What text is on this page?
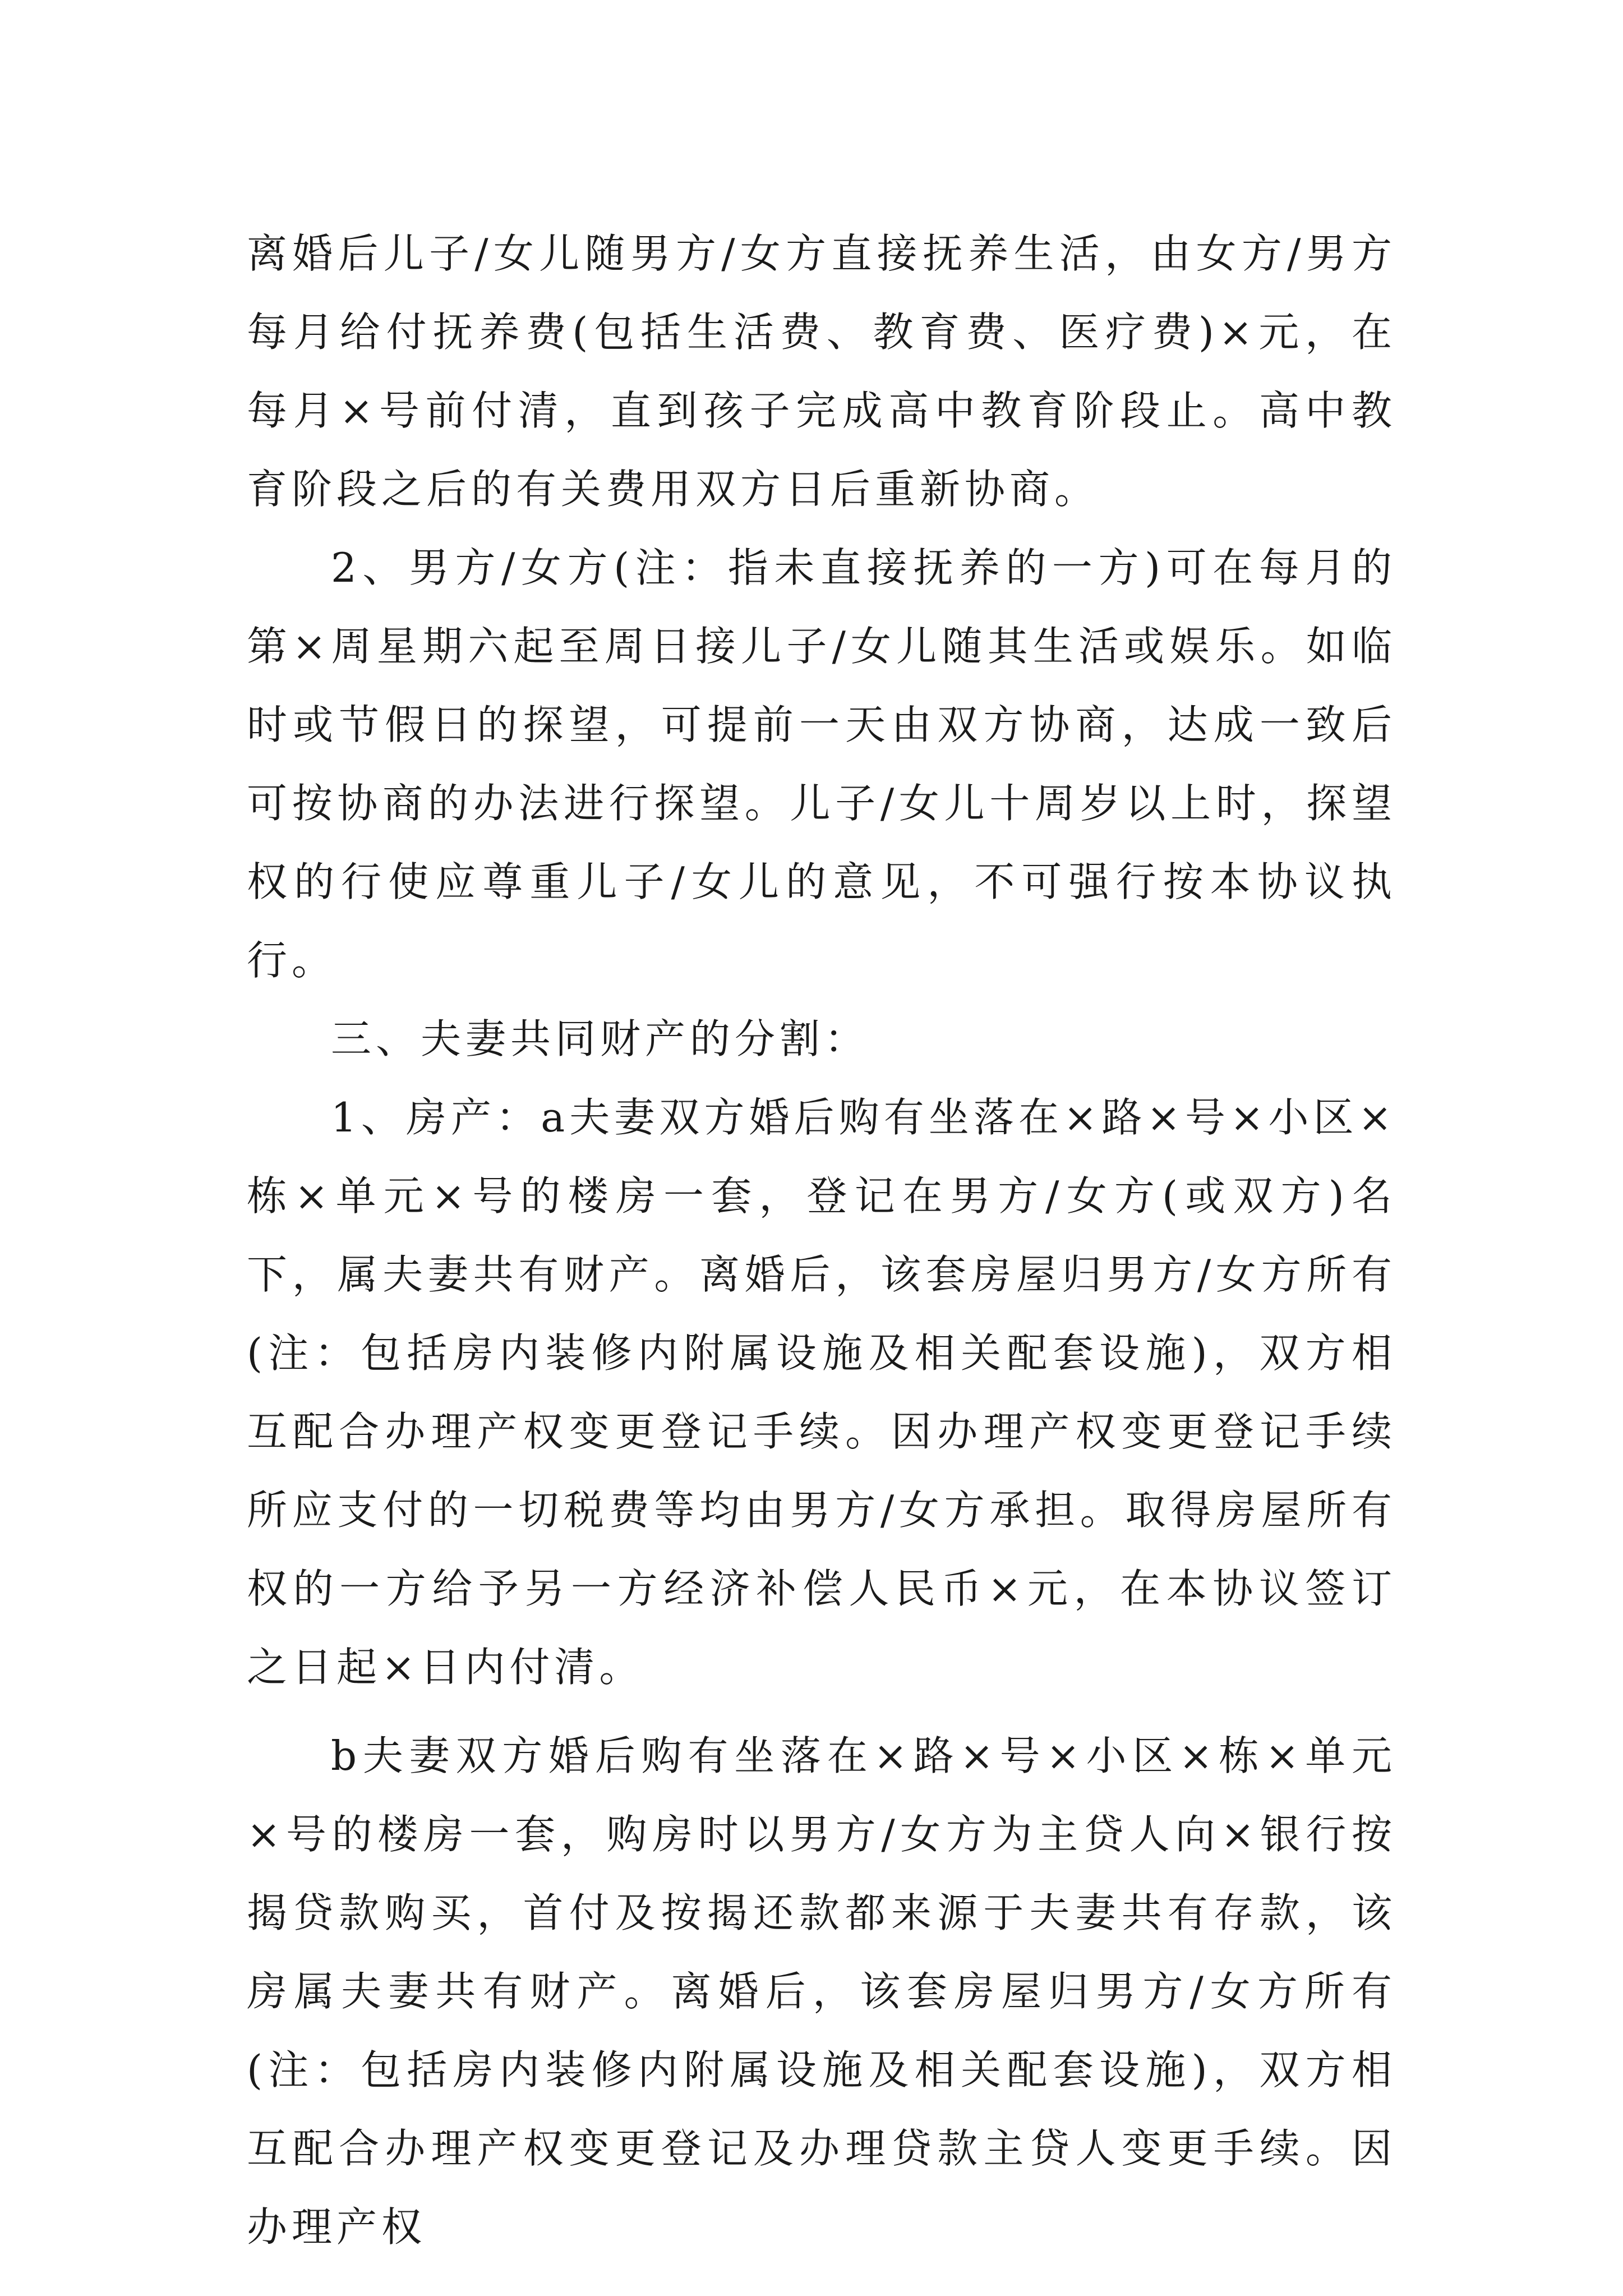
离婚后儿子/女儿随男方/女方直接抚养生活，由女方/男方每月给付抚养费(包括生活费、教育费、医疗费)×元，在每月×号前付清，直到孩子完成高中教育阶段止。高中教育阶段之后的有关费用双方日后重新协商。

2、男方/女方(注：指未直接抚养的一方)可在每月的第×周星期六起至周日接儿子/女儿随其生活或娱乐。如临时或节假日的探望，可提前一天由双方协商，达成一致后可按协商的办法进行探望。儿子/女儿十周岁以上时，探望权的行使应尊重儿子/女儿的意见，不可强行按本协议执行。

三、夫妻共同财产的分割：

1、房产：a夫妻双方婚后购有坐落在×路×号×小区×栋×单元×号的楼房一套，登记在男方/女方(或双方)名下，属夫妻共有财产。离婚后，该套房屋归男方/女方所有(注：包括房内装修内附属设施及相关配套设施)，双方相互配合办理产权变更登记手续。因办理产权变更登记手续所应支付的一切税费等均由男方/女方承担。取得房屋所有权的一方给予另一方经济补偿人民币×元，在本协议签订之日起×日内付清。

b夫妻双方婚后购有坐落在×路×号×小区×栋×单元×号的楼房一套，购房时以男方/女方为主贷人向×银行按揭贷款购买，首付及按揭还款都来源于夫妻共有存款，该房属夫妻共有财产。离婚后，该套房屋归男方/女方所有(注：包括房内装修内附属设施及相关配套设施)，双方相互配合办理产权变更登记及办理贷款主贷人变更手续。因办理产权
